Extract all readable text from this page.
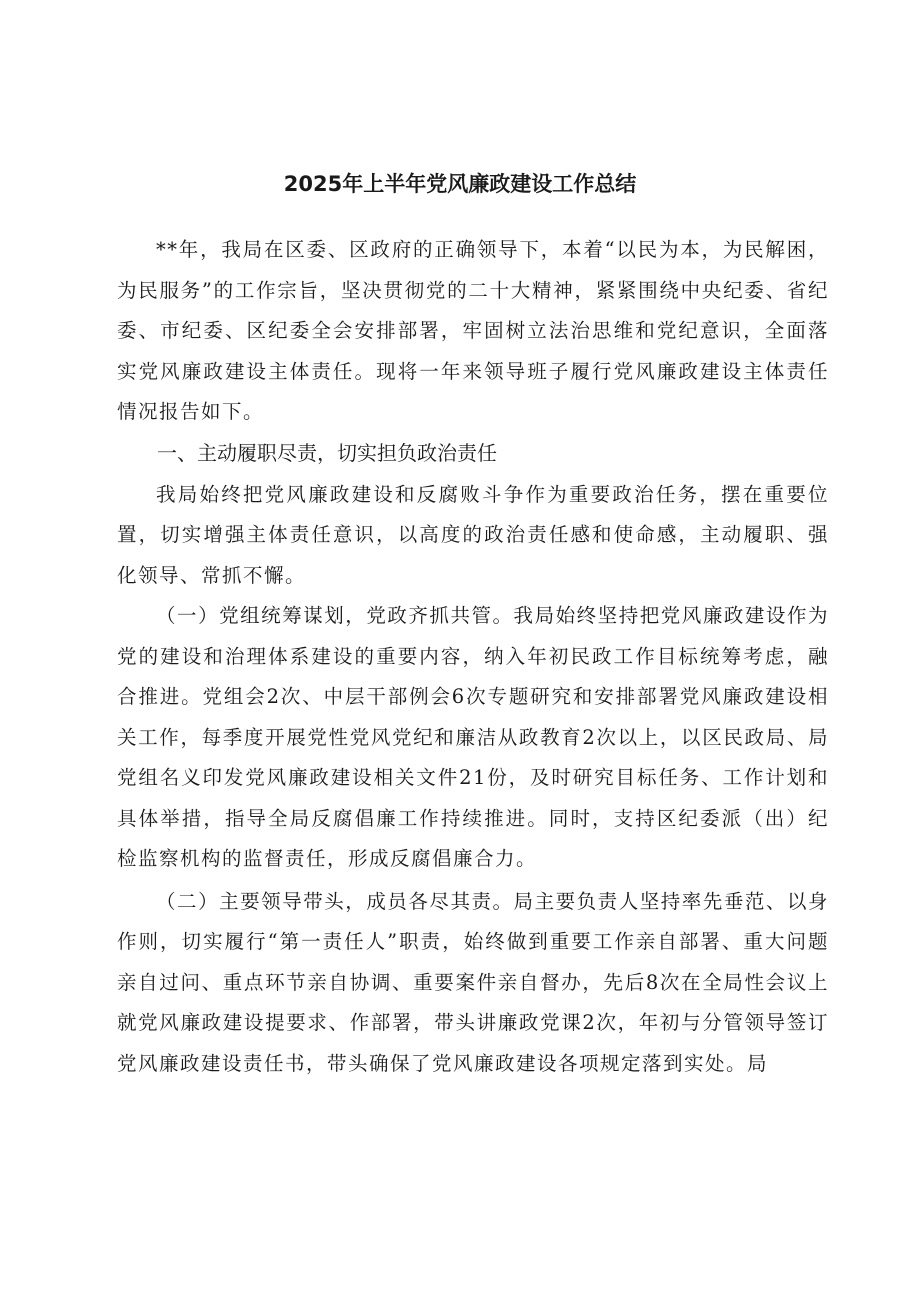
2025年上半年党风廉政建设工作总结

**年，我局在区委、区政府的正确领导下，本着“以民为本，为民解困，为民服务”的工作宗旨，坚决贯彻党的二十大精神，紧紧围绕中央纪委、省纪委、市纪委、区纪委全会安排部署，牢固树立法治思维和党纪意识，全面落实党风廉政建设主体责任。现将一年来领导班子履行党风廉政建设主体责任情况报告如下。

一、主动履职尽责，切实担负政治责任

我局始终把党风廉政建设和反腐败斗争作为重要政治任务，摆在重要位置，切实增强主体责任意识，以高度的政治责任感和使命感，主动履职、强化领导、常抓不懈。

（一）党组统筹谋划，党政齐抓共管。我局始终坚持把党风廉政建设作为党的建设和治理体系建设的重要内容，纳入年初民政工作目标统筹考虑，融合推进。党组会2次、中层干部例会6次专题研究和安排部署党风廉政建设相关工作，每季度开展党性党风党纪和廉洁从政教育2次以上，以区民政局、局党组名义印发党风廉政建设相关文件21份，及时研究目标任务、工作计划和具体举措，指导全局反腐倡廉工作持续推进。同时，支持区纪委派（出）纪检监察机构的监督责任，形成反腐倡廉合力。

（二）主要领导带头，成员各尽其责。局主要负责人坚持率先垂范、以身作则，切实履行“第一责任人”职责，始终做到重要工作亲自部署、重大问题亲自过问、重点环节亲自协调、重要案件亲自督办，先后8次在全局性会议上就党风廉政建设提要求、作部署，带头讲廉政党课2次，年初与分管领导签订党风廉政建设责任书，带头确保了党风廉政建设各项规定落到实处。局
